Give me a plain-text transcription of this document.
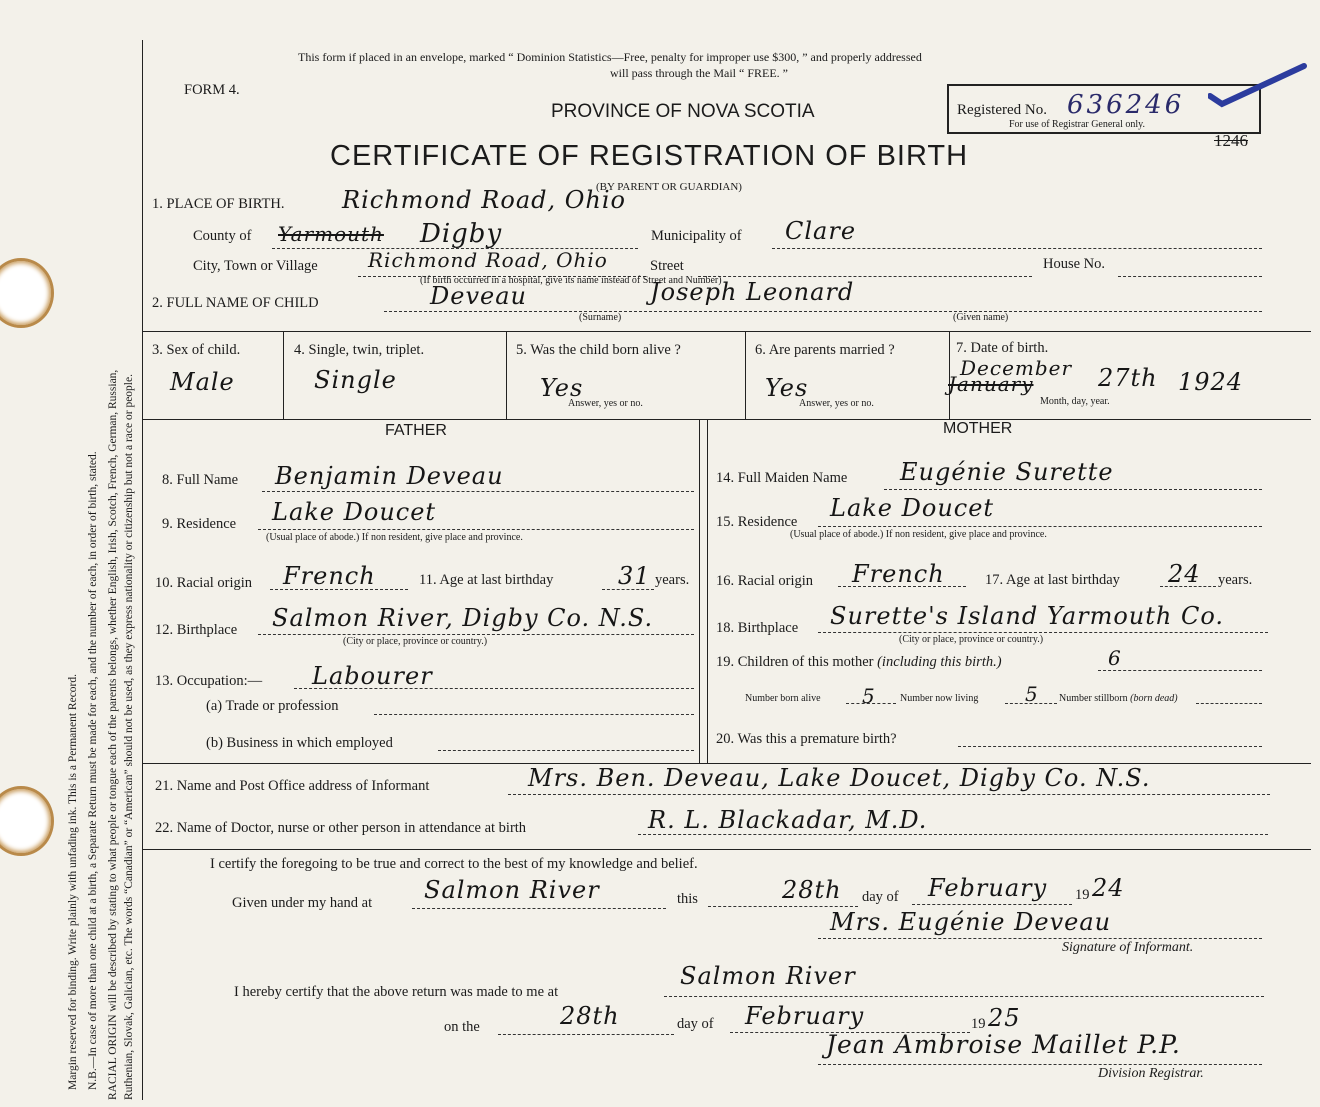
Margin reserved for binding. Write plainly with unfading ink. This is a Permanent Record. N.B.—In case of more than one child at a birth, a Separate Return must be made for each, and the number of each, in order of birth, stated. RACIAL ORIGIN will be described by stating to what people or tongue each of the parents belongs, whether English, Irish, Scotch, French, German, Russian, Ruthenian, Slovak, Galician, etc. The words “Canadian” or “American” should not be used, as they express nationality or citizenship but not a race or people.
This form if placed in an envelope, marked “ Dominion Statistics—Free, penalty for improper use $300, ” and properly addressed
will pass through the Mail “ FREE. ”
FORM 4.
PROVINCE OF NOVA SCOTIA
CERTIFICATE OF REGISTRATION OF BIRTH
(BY PARENT OR GUARDIAN)
Registered No. 636246
For use of Registrar General only.
1246
1. PLACE OF BIRTH. Richmond Road, Ohio
County of Yarmouth Digby	Municipality of Clare
City, Town or Village	Richmond Road, Ohio	Street	House No.
(If birth occurred in a hospital, give its name instead of Street and Number)
2. FULL NAME OF CHILD	Deveau	Joseph Leonard
(Surname)	(Given name)
3. Sex of child.
Male
4. Single, twin, triplet.
Single
5. Was the child born alive ?
Yes
Answer, yes or no.
6. Are parents married ?
Yes
Answer, yes or no.
7. Date of birth.
December
January	27th 1924
Month, day, year.
FATHER	MOTHER
8. Full Name Benjamin Deveau
9. Residence Lake Doucet
(Usual place of abode.) If non resident, give place and province.
10. Racial origin French	11. Age at last birthday	31 years.
12. Birthplace Salmon River, Digby Co. N.S.
(City or place, province or country.)
13. Occupation:— Labourer
(a) Trade or profession
(b) Business in which employed
14. Full Maiden Name Eugénie Surette
15. Residence Lake Doucet
(Usual place of abode.) If non resident, give place and province.
16. Racial origin French	17. Age at last birthday 24 years.
18. Birthplace Surette's Island Yarmouth Co.
(City or place, province or country.)
19. Children of this mother (including this birth.)	6
Number born alive 5 Number now living 5 Number stillborn (born dead)
20. Was this a premature birth?
21. Name and Post Office address of Informant	Mrs. Ben. Deveau, Lake Doucet, Digby Co. N.S.
22. Name of Doctor, nurse or other person in attendance at birth	R. L. Blackadar, M.D.
I certify the foregoing to be true and correct to the best of my knowledge and belief.
Given under my hand at Salmon River	this	28th day of February 19 24
Mrs. Eugénie Deveau
Signature of Informant.
I hereby certify that the above return was made to me at
Salmon River
on the	28th	day of February	19 25
Jean Ambroise Maillet P.P.
Division Registrar.
